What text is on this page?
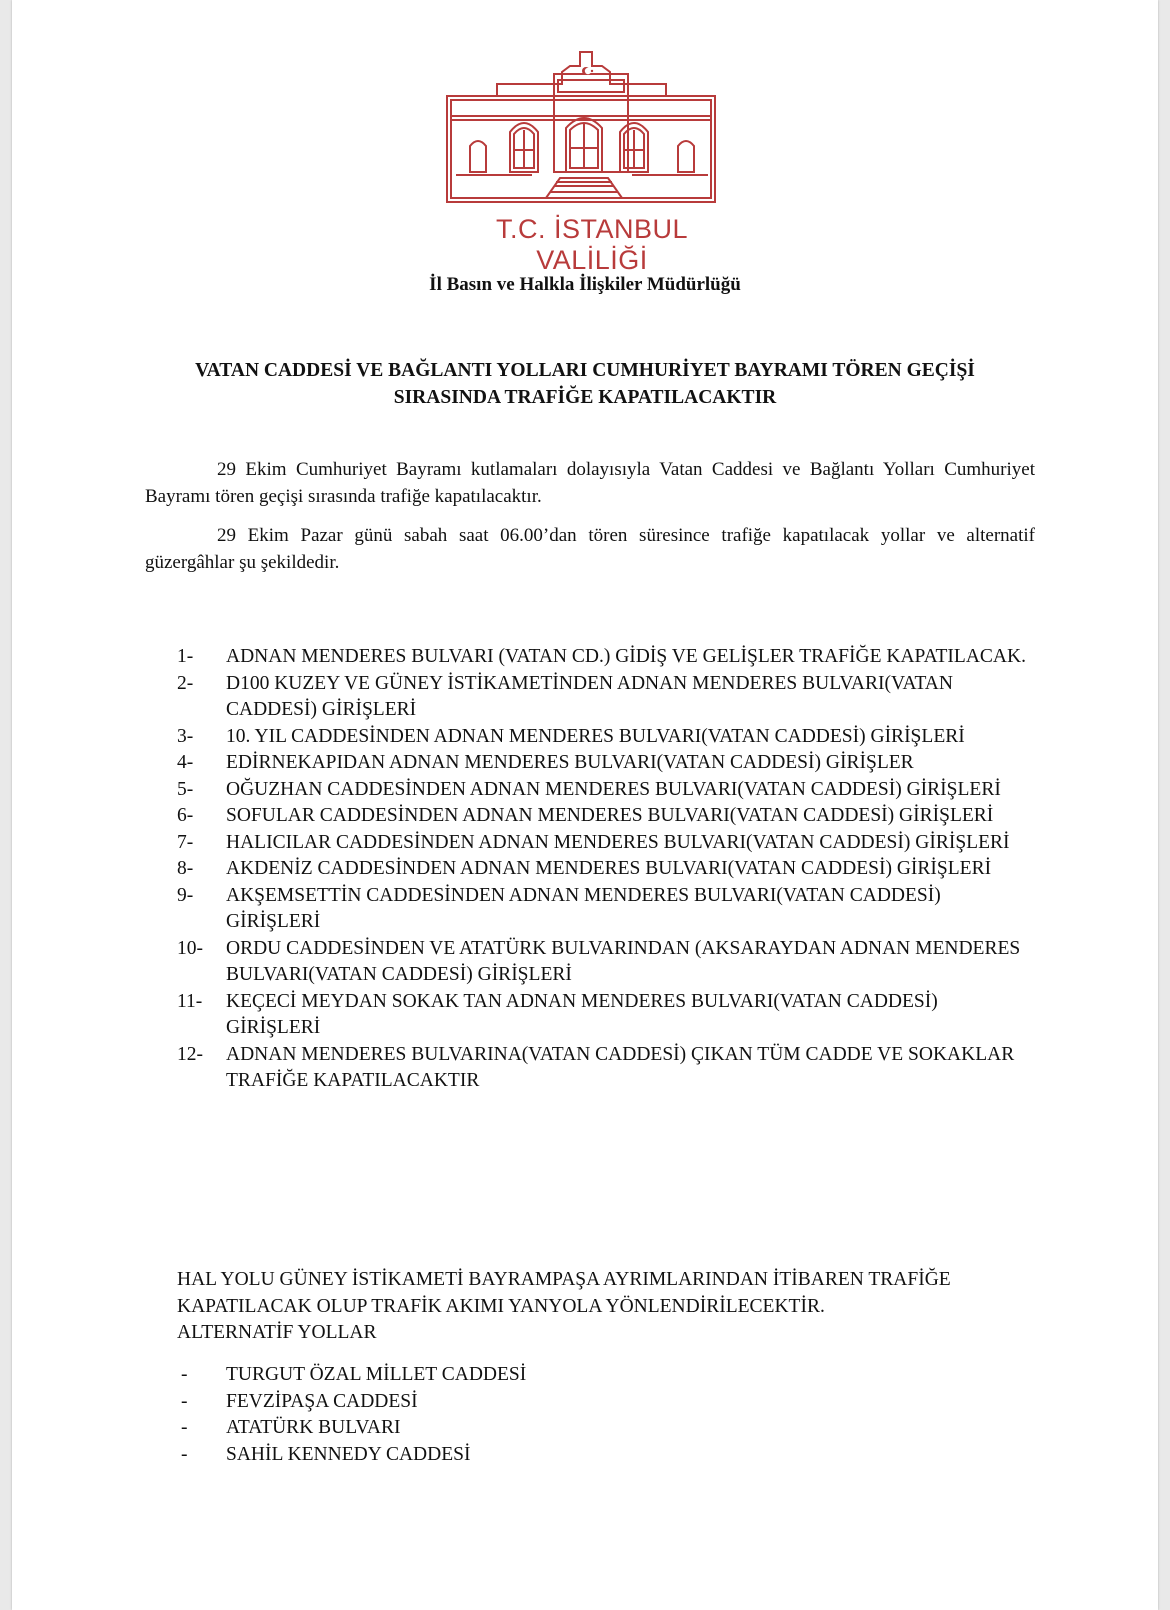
T.C. İSTANBUL VALİLİĞİ
İl Basın ve Halkla İlişkiler Müdürlüğü
VATAN CADDESİ VE BAĞLANTI YOLLARI CUMHURİYET BAYRAMI TÖREN GEÇİŞİ SIRASINDA TRAFİĞE KAPATILACAKTIR
29 Ekim Cumhuriyet Bayramı kutlamaları dolayısıyla Vatan Caddesi ve Bağlantı Yolları Cumhuriyet Bayramı tören geçişi sırasında trafiğe kapatılacaktır.
29 Ekim Pazar günü sabah saat 06.00’dan tören süresince trafiğe kapatılacak yollar ve alternatif güzergâhlar şu şekildedir.
1- ADNAN MENDERES BULVARI (VATAN CD.) GİDİŞ VE GELİŞLER TRAFİĞE KAPATILACAK.
2- D100 KUZEY VE GÜNEY İSTİKAMETİNDEN ADNAN MENDERES BULVARI(VATAN CADDESİ) GİRİŞLERİ
3- 10. YIL CADDESİNDEN ADNAN MENDERES BULVARI(VATAN CADDESİ) GİRİŞLERİ
4- EDİRNEKAPIDAN ADNAN MENDERES BULVARI(VATAN CADDESİ) GİRİŞLER
5- OĞUZHAN CADDESİNDEN ADNAN MENDERES BULVARI(VATAN CADDESİ) GİRİŞLERİ
6- SOFULAR CADDESİNDEN ADNAN MENDERES BULVARI(VATAN CADDESİ) GİRİŞLERİ
7- HALICILAR CADDESİNDEN ADNAN MENDERES BULVARI(VATAN CADDESİ) GİRİŞLERİ
8- AKDENİZ CADDESİNDEN ADNAN MENDERES BULVARI(VATAN CADDESİ) GİRİŞLERİ
9- AKŞEMSETTİN CADDESİNDEN ADNAN MENDERES BULVARI(VATAN CADDESİ) GİRİŞLERİ
10- ORDU CADDESİNDEN VE ATATÜRK BULVARINDAN (AKSARAYDAN ADNAN MENDERES BULVARI(VATAN CADDESİ) GİRİŞLERİ
11- KEÇECİ MEYDAN SOKAK TAN ADNAN MENDERES BULVARI(VATAN CADDESİ) GİRİŞLERİ
12- ADNAN MENDERES BULVARINA(VATAN CADDESİ) ÇIKAN TÜM CADDE VE SOKAKLAR TRAFİĞE KAPATILACAKTIR
HAL YOLU GÜNEY İSTİKAMETİ BAYRAMPAŞA AYRIMLARINDAN İTİBAREN TRAFİĞE KAPATILACAK OLUP TRAFİK AKIMI YANYOLA YÖNLENDİRİLECEKTİR.
ALTERNATİF YOLLAR
- TURGUT ÖZAL MİLLET CADDESİ
- FEVZİPAŞA CADDESİ
- ATATÜRK BULVARI
- SAHİL KENNEDY CADDESİ
